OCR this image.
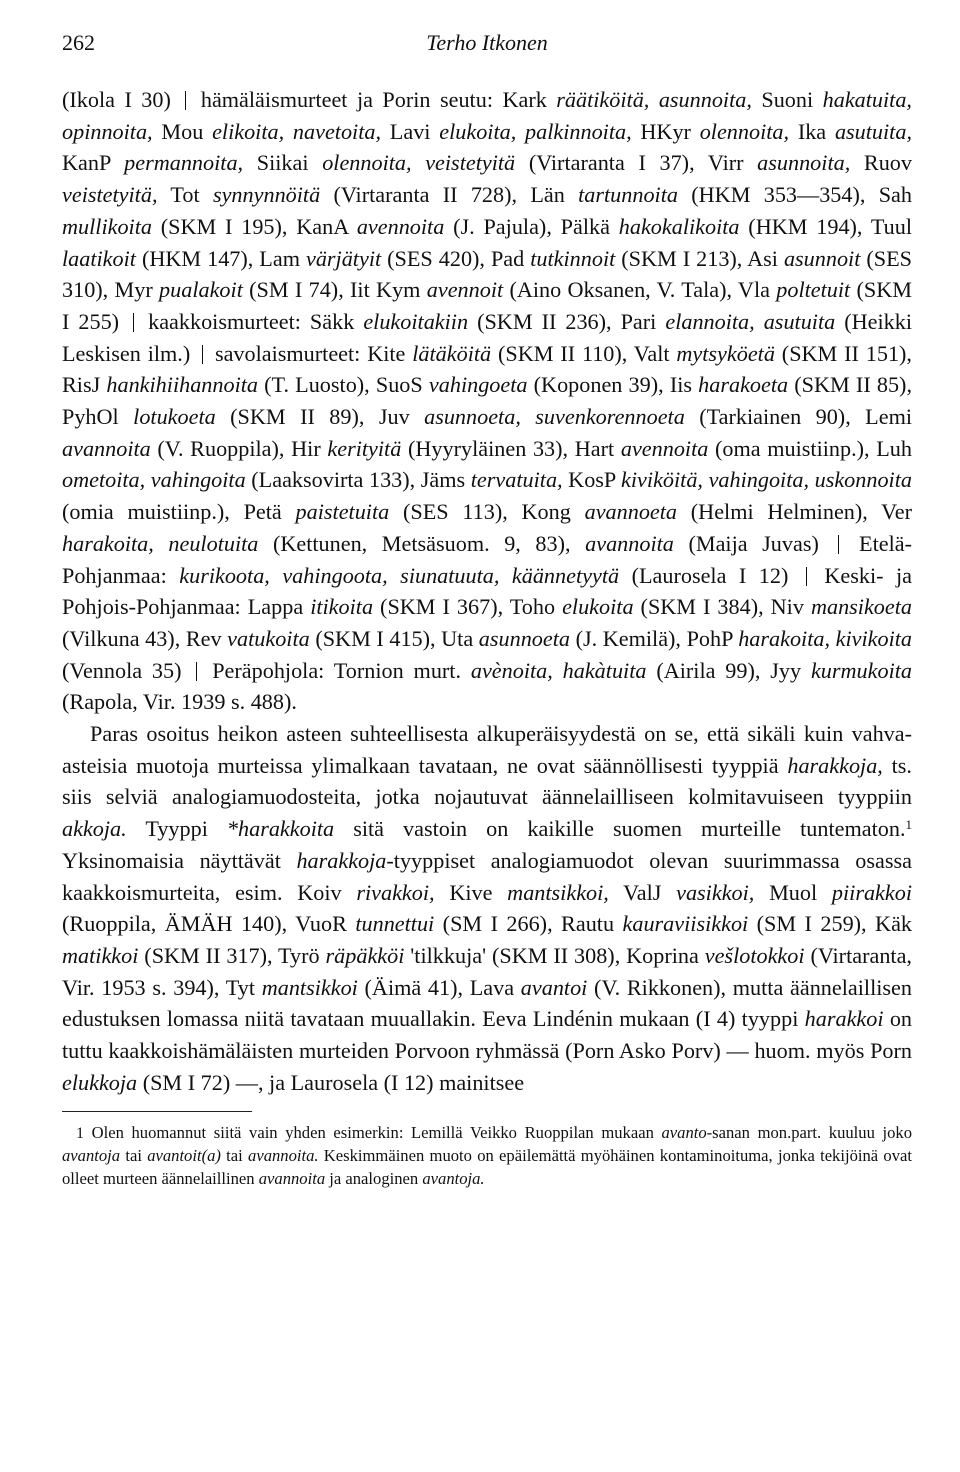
262	Terho Itkonen

(Ikola I 30)  hämäläismurteet ja Porin seutu: Kark räätiköitä, asunnoita, Suoni hakatuita, opinnoita, Mou elikoita, navetoita, Lavi elukoita, palkinnoita, HKyr olennoita, Ika asutuita, KanP permannoita, Siikai olennoita, veistetyitä (Virtaranta I 37), Virr asunnoita, Ruov veistetyitä, Tot synnynnöitä (Virtaranta II 728), Län tartunnoita (HKM 353—354), Sah mullikoita (SKM I 195), KanA avennoita (J. Pajula), Pälkä hakokalikoita (HKM 194), Tuul laatikoit (HKM 147), Lam värjätyit (SES 420), Pad tutkinnoit (SKM I 213), Asi asunnoit (SES 310), Myr pualakoit (SM I 74), Iit Kym avennoit (Aino Oksanen, V. Tala), Vla poltetuit (SKM I 255)  kaakkoismurteet: Säkk elukoitakiin (SKM II 236), Pari elannoita, asutuita (Heikki Leskisen ilm.)  savolaismurteet: Kite lätäköitä (SKM II 110), Valt mytsyköetä (SKM II 151), RisJ hankihiihannoita (T. Luosto), SuoS vahingoeta (Koponen 39), Iis harakoeta (SKM II 85), PyhOl lotukoeta (SKM II 89), Juv asunnoeta, suvenkorennoeta (Tarkiainen 90), Lemi avannoita (V. Ruoppila), Hir kerityitä (Hyyryläinen 33), Hart avennoita (oma muistiinp.), Luh ometoita, vahingoita (Laaksovirta 133), Jäms tervatuita, KosP kiviköitä, vahingoita, uskonnoita (omia muistiinp.), Petä paistetuita (SES 113), Kong avannoeta (Helmi Helminen), Ver harakoita, neulotuita (Kettunen, Metsäsuom. 9, 83), avannoita (Maija Juvas)  Etelä-Pohjanmaa: kurikoota, vahingoota, siunatuuta, käännetyytä (Laurosela I 12)  Keski- ja Pohjois-Pohjanmaa: Lappa itikoita (SKM I 367), Toho elukoita (SKM I 384), Niv mansikoeta (Vilkuna 43), Rev vatukoita (SKM I 415), Uta asunnoeta (J. Kemilä), PohP harakoita, kivikoita (Vennola 35)  Peräpohjola: Tornion murt. avènoita, hakàtuita (Airila 99), Jyy kurmukoita (Rapola, Vir. 1939 s. 488).

Paras osoitus heikon asteen suhteellisesta alkuperäisyydestä on se, että sikäli kuin vahva-asteisia muotoja murteissa ylimalkaan tavataan, ne ovat säännöllisesti tyyppiä harakkoja, ts. siis selviä analogiamuodosteita, jotka nojautuvat äännelailliseen kolmitavuiseen tyyppiin akkoja. Tyyppi *harakkoita sitä vastoin on kaikille suomen murteille tuntematon.$^1$ Yksinomaisia näyttävät harakkoja-tyyppiset analogiamuodot olevan suurimmassa osassa kaakkoismurteita, esim. Koiv rivakkoi, Kive mantsikkoi, ValJ vasikkoi, Muol piirakkoi (Ruoppila, ÄMÄH 140), VuoR tunnettui (SM I 266), Rautu kauraviisikkoi (SM I 259), Käk matikkoi (SKM II 317), Tyrö räpäkköi 'tilkkuja' (SKM II 308), Koprina vešlotokkoi (Virtaranta, Vir. 1953 s. 394), Tyt mantsikkoi (Äimä 41), Lava avantoi (V. Rikkonen), mutta äännelaillisen edustuksen lomassa niitä tavataan muuallakin. Eeva Lindénin mukaan (I 4) tyyppi harakkoi on tuttu kaakkoishämäläisten murteiden Porvoon ryhmässä (Porn Asko Porv) — huom. myös Porn elukkoja (SM I 72) —, ja Laurosela (I 12) mainitsee

1 Olen huomannut siitä vain yhden esimerkin: Lemillä Veikko Ruoppilan mukaan avanto-sanan mon.part. kuuluu joko avantoja tai avantoit(a) tai avannoita. Keskimmäinen muoto on epäilemättä myöhäinen kontaminoituma, jonka tekijöinä ovat olleet murteen äännelaillinen avannoita ja analoginen avantoja.
